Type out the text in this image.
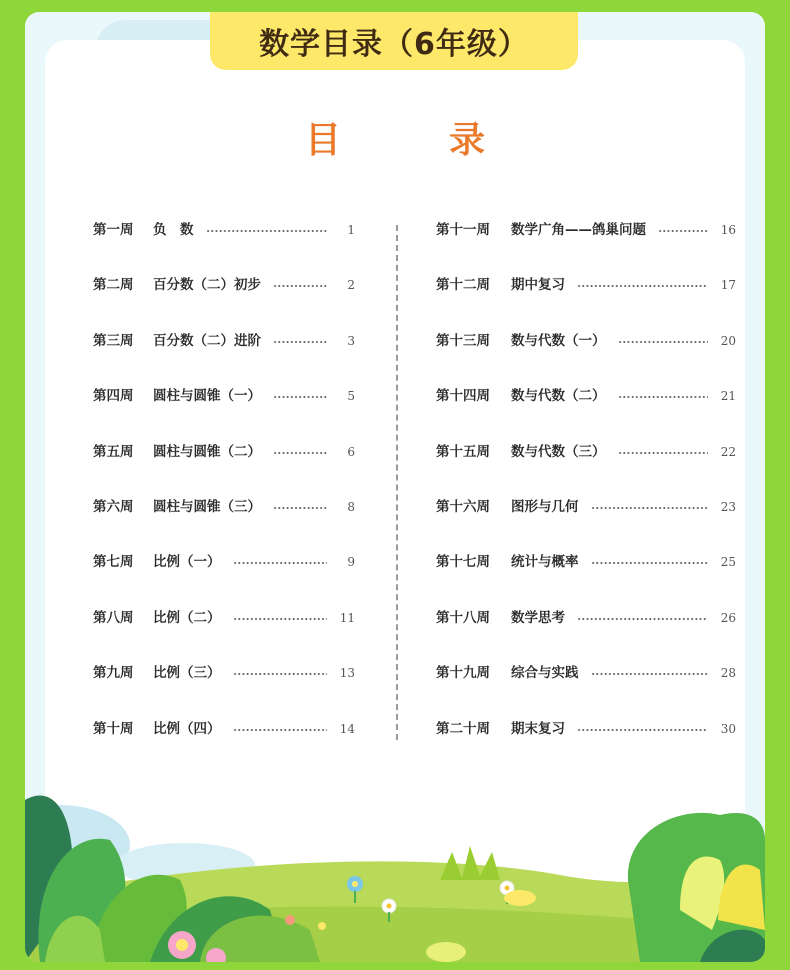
数学目录（6年级）
目	录
第一周	负　数	1
第二周	百分数（二）初步	2
第三周	百分数（二）进阶	3
第四周	圆柱与圆锥（一）	5
第五周	圆柱与圆锥（二）	6
第六周	圆柱与圆锥（三）	8
第七周	比例（一）	9
第八周	比例（二）	11
第九周	比例（三）	13
第十周	比例（四）	14
第十一周	数学广角——鸽巢问题	16
第十二周	期中复习	17
第十三周	数与代数（一）	20
第十四周	数与代数（二）	21
第十五周	数与代数（三）	22
第十六周	图形与几何	23
第十七周	统计与概率	25
第十八周	数学思考	26
第十九周	综合与实践	28
第二十周	期末复习	30
